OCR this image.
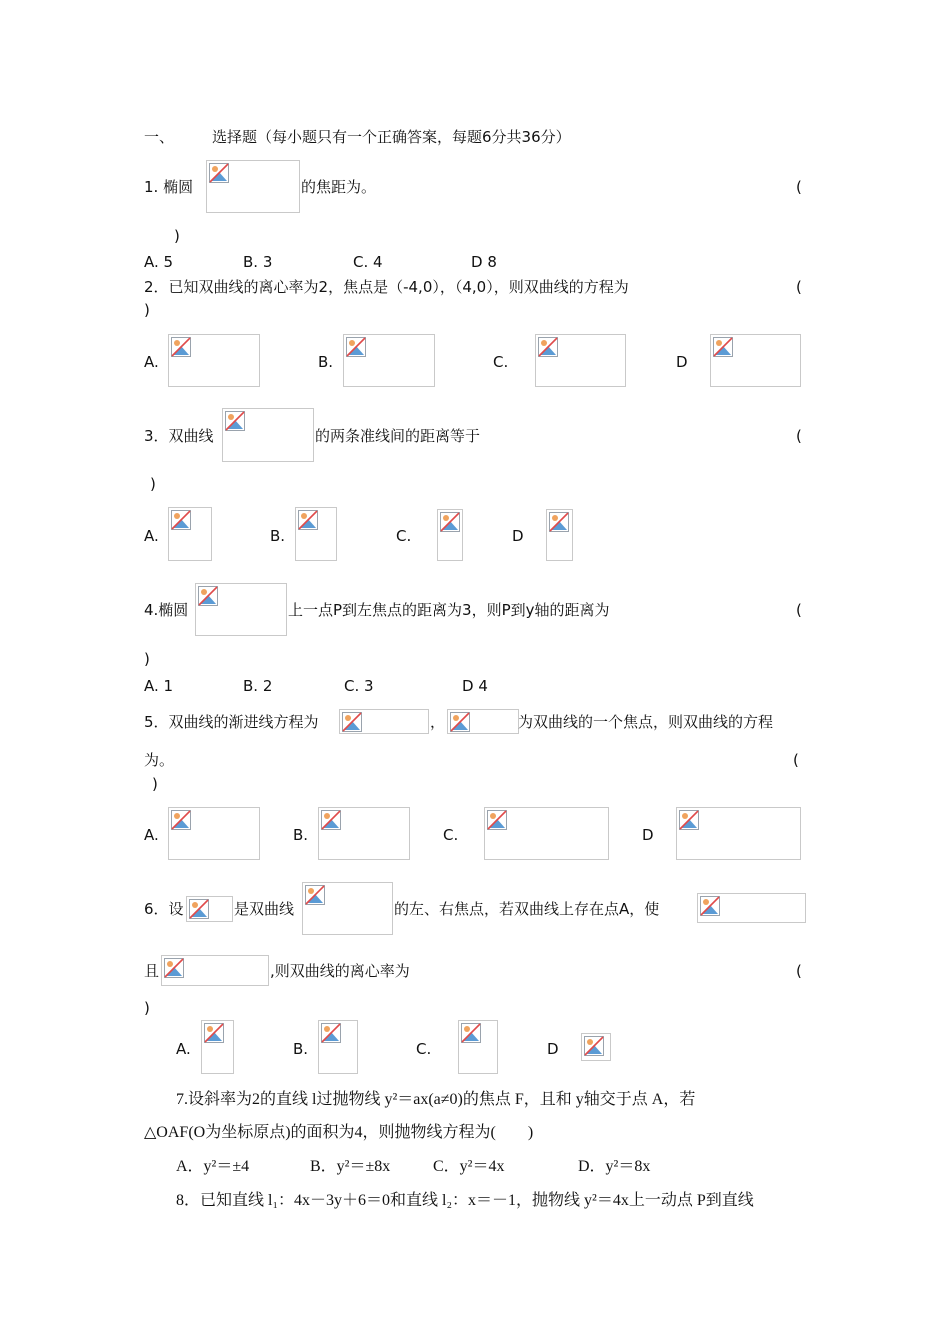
一、	选择题（每小题只有一个正确答案，每题6分共36分）
1. 椭圆	的焦距为。	(
)
A. 5	B. 3	C. 4	D 8
2．已知双曲线的离心率为2，焦点是（-4,0），（4,0），则双曲线的方程为	(
)
A.	B.	C.	D
3．双曲线	的两条准线间的距离等于	(
)
A.	B.	C.	D
4.椭圆	上一点P到左焦点的距离为3，则P到y轴的距离为	(
)
A. 1	B. 2	C. 3	D 4
5．双曲线的渐进线方程为	，	为双曲线的一个焦点，则双曲线的方程
为。	(
)
A.	B.	C.	D
6．设	是双曲线	的左、右焦点，若双曲线上存在点A，使
且	,则双曲线的离心率为	(
)
A.	B.	C.	D
7.设斜率为2的直线 l过抛物线 y²＝ax(a≠0)的焦点 F，且和 y轴交于点 A，若
△OAF(O为坐标原点)的面积为4，则抛物线方程为(　　)
A．y²＝±4	B．y²＝±8x	C．y²＝4x	D．y²＝8x
8．已知直线 l₁：4x－3y＋6＝0和直线 l₂：x＝－1，抛物线 y²＝4x上一动点 P到直线
